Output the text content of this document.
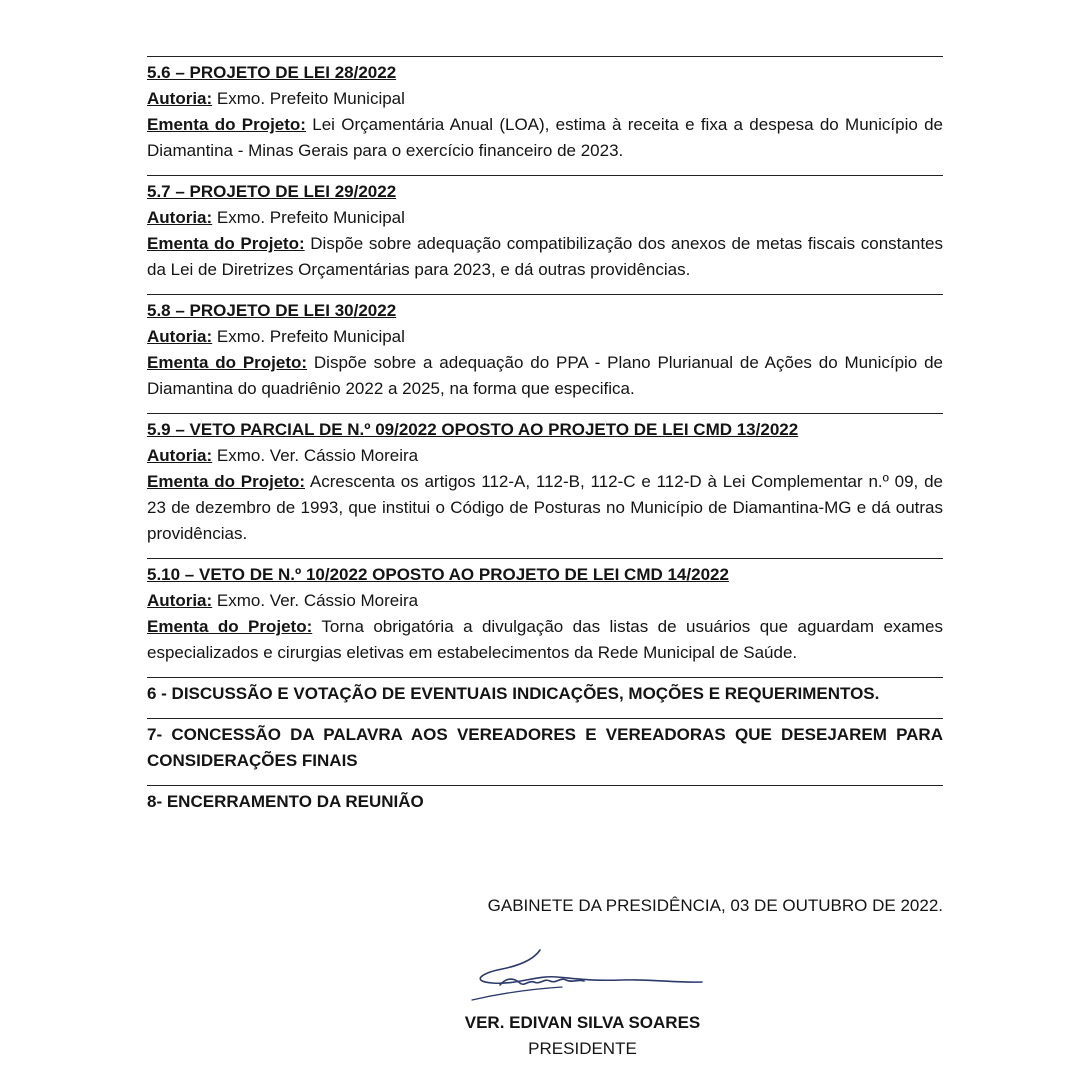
5.6 – PROJETO DE LEI 28/2022
Autoria: Exmo. Prefeito Municipal
Ementa do Projeto: Lei Orçamentária Anual (LOA), estima à receita e fixa a despesa do Município de Diamantina - Minas Gerais para o exercício financeiro de 2023.
5.7 – PROJETO DE LEI 29/2022
Autoria: Exmo. Prefeito Municipal
Ementa do Projeto: Dispõe sobre adequação compatibilização dos anexos de metas fiscais constantes da Lei de Diretrizes Orçamentárias para 2023, e dá outras providências.
5.8 – PROJETO DE LEI 30/2022
Autoria: Exmo. Prefeito Municipal
Ementa do Projeto: Dispõe sobre a adequação do PPA - Plano Plurianual de Ações do Município de Diamantina do quadriênio 2022 a 2025, na forma que especifica.
5.9 – VETO PARCIAL DE N.º 09/2022 OPOSTO AO PROJETO DE LEI CMD 13/2022
Autoria: Exmo. Ver. Cássio Moreira
Ementa do Projeto: Acrescenta os artigos 112-A, 112-B, 112-C e 112-D à Lei Complementar n.º 09, de 23 de dezembro de 1993, que institui o Código de Posturas no Município de Diamantina-MG e dá outras providências.
5.10 – VETO DE N.º 10/2022 OPOSTO AO PROJETO DE LEI CMD 14/2022
Autoria: Exmo. Ver. Cássio Moreira
Ementa do Projeto: Torna obrigatória a divulgação das listas de usuários que aguardam exames especializados e cirurgias eletivas em estabelecimentos da Rede Municipal de Saúde.
6 - DISCUSSÃO E VOTAÇÃO DE EVENTUAIS INDICAÇÕES, MOÇÕES E REQUERIMENTOS.
7- CONCESSÃO DA PALAVRA AOS VEREADORES E VEREADORAS QUE DESEJAREM PARA CONSIDERAÇÕES FINAIS
8- ENCERRAMENTO DA REUNIÃO
GABINETE DA PRESIDÊNCIA, 03 DE OUTUBRO DE 2022.
VER. EDIVAN SILVA SOARES
PRESIDENTE
